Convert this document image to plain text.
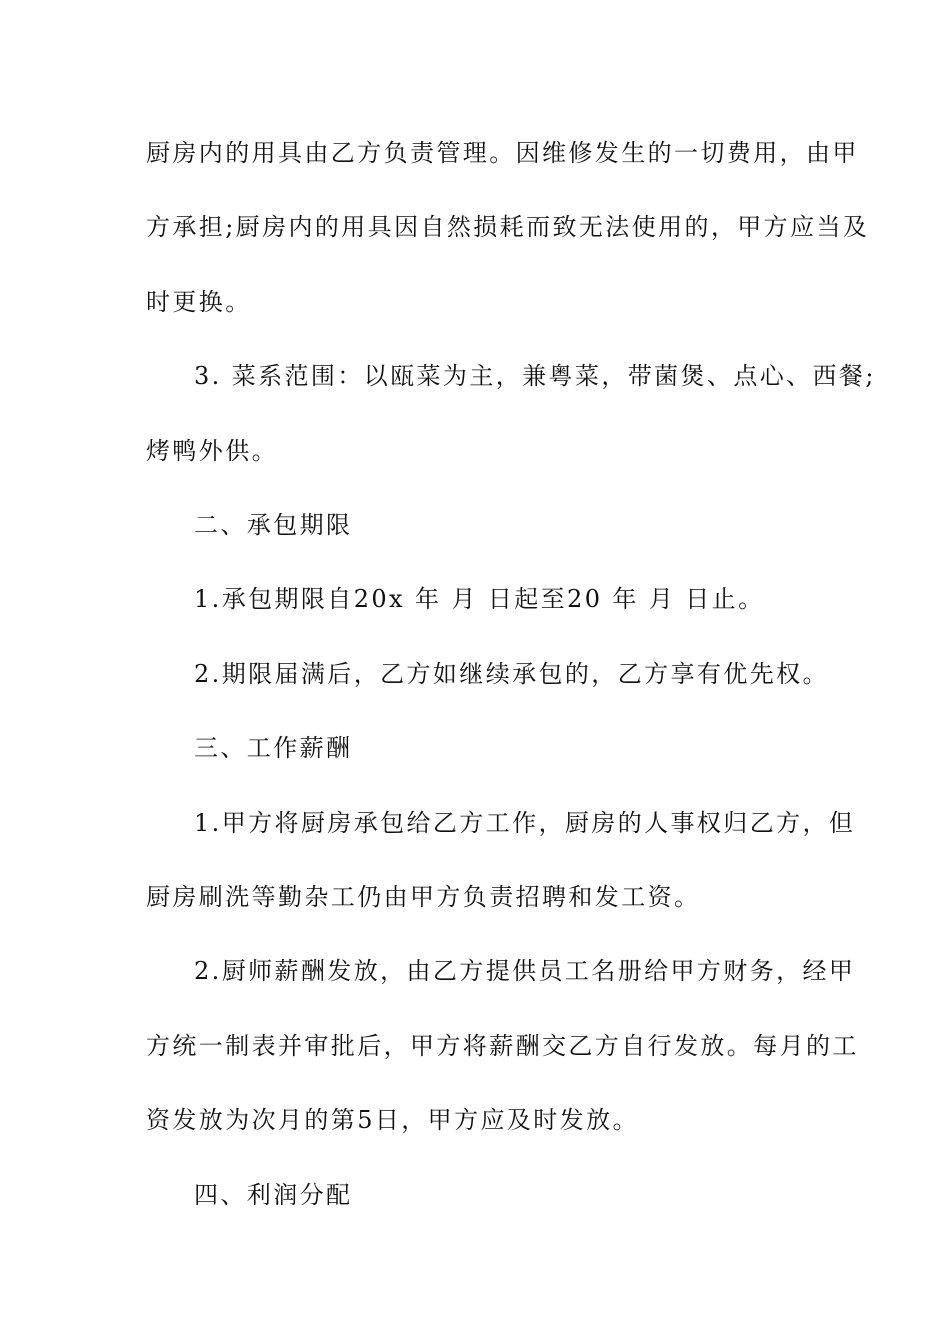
厨房内的用具由乙方负责管理。因维修发生的一切费用，由甲
方承担;厨房内的用具因自然损耗而致无法使用的，甲方应当及
时更换。
3. 菜系范围：以瓯菜为主，兼粤菜，带菌煲、点心、西餐;
烤鸭外供。
二、承包期限
1.承包期限自20x 年 月 日起至20 年 月 日止。
2.期限届满后，乙方如继续承包的，乙方享有优先权。
三、工作薪酬
1.甲方将厨房承包给乙方工作，厨房的人事权归乙方，但
厨房刷洗等勤杂工仍由甲方负责招聘和发工资。
2.厨师薪酬发放，由乙方提供员工名册给甲方财务，经甲
方统一制表并审批后，甲方将薪酬交乙方自行发放。每月的工
资发放为次月的第5日，甲方应及时发放。
四、利润分配
